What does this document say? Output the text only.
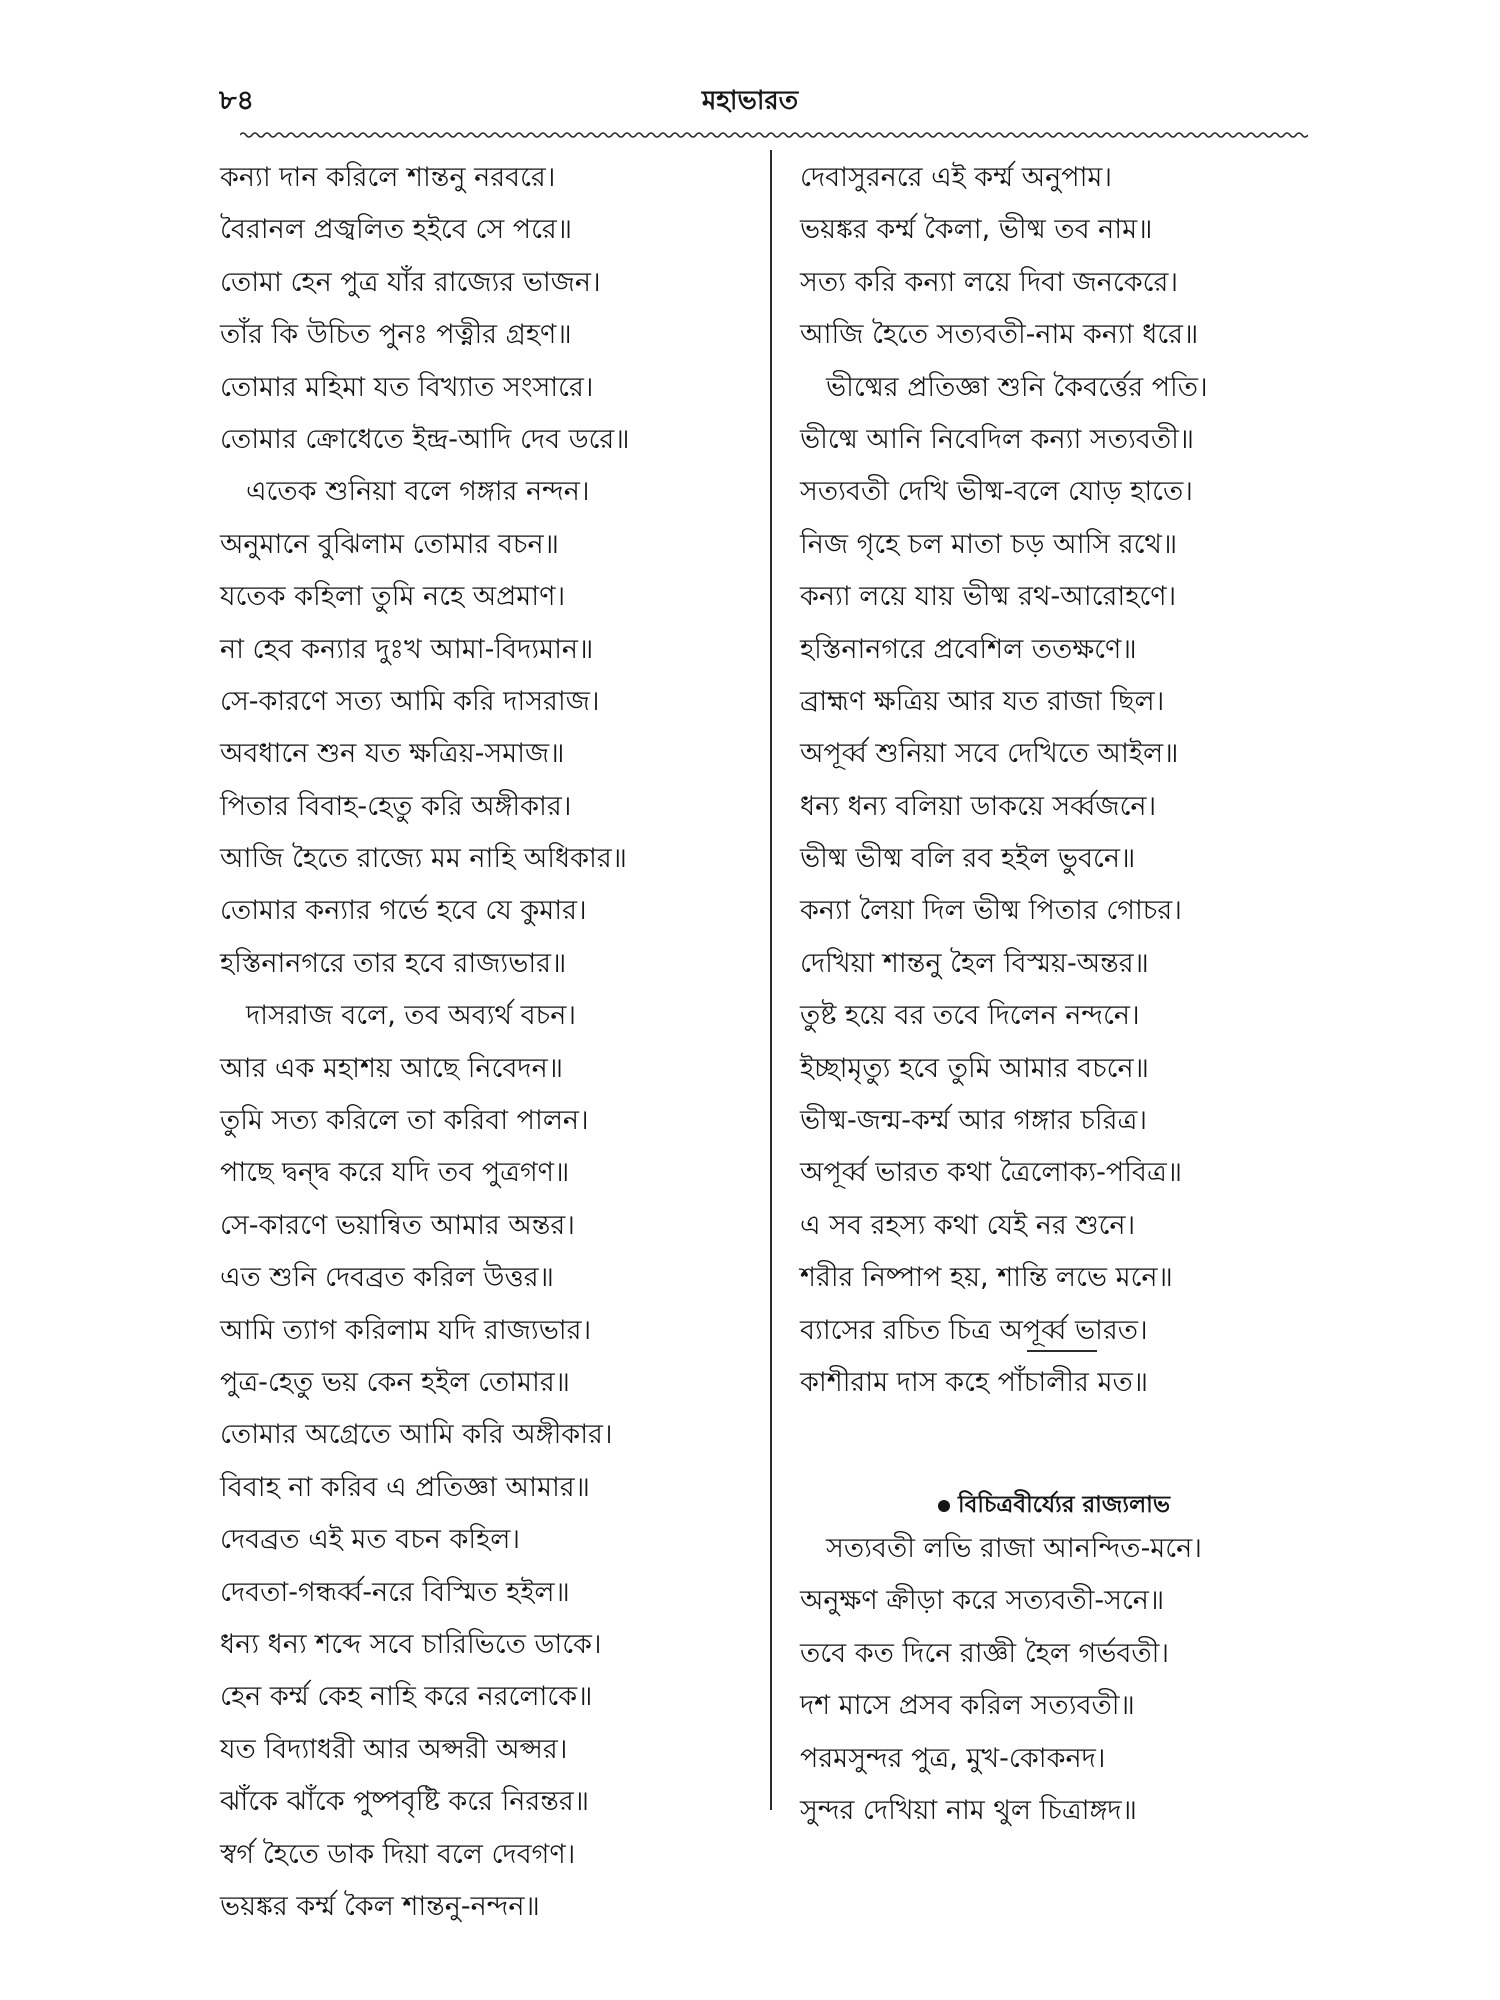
৮৪	মহাভারত
কন্যা দান করিলে শান্তনু নরবরে।
বৈরানল প্রজ্বলিত হইবে সে পরে॥
তোমা হেন পুত্র যাঁর রাজ্যের ভাজন।
তাঁর কি উচিত পুনঃ পত্নীর গ্রহণ॥
তোমার মহিমা যত বিখ্যাত সংসারে।
তোমার ক্রোধেতে ইন্দ্র-আদি দেব ডরে॥
এতেক শুনিয়া বলে গঙ্গার নন্দন।
অনুমানে বুঝিলাম তোমার বচন॥
যতেক কহিলা তুমি নহে অপ্রমাণ।
না হেব কন্যার দুঃখ আমা-বিদ্যমান॥
সে-কারণে সত্য আমি করি দাসরাজ।
অবধানে শুন যত ক্ষত্রিয়-সমাজ॥
পিতার বিবাহ-হেতু করি অঙ্গীকার।
আজি হৈতে রাজ্যে মম নাহি অধিকার॥
তোমার কন্যার গর্ভে হবে যে কুমার।
হস্তিনানগরে তার হবে রাজ্যভার॥
দাসরাজ বলে, তব অব্যর্থ বচন।
আর এক মহাশয় আছে নিবেদন॥
তুমি সত্য করিলে তা করিবা পালন।
পাছে দ্বন্দ্ব করে যদি তব পুত্রগণ॥
সে-কারণে ভয়ান্বিত আমার অন্তর।
এত শুনি দেবব্রত করিল উত্তর॥
আমি ত্যাগ করিলাম যদি রাজ্যভার।
পুত্র-হেতু ভয় কেন হইল তোমার॥
তোমার অগ্রেতে আমি করি অঙ্গীকার।
বিবাহ না করিব এ প্রতিজ্ঞা আমার॥
দেবব্রত এই মত বচন কহিল।
দেবতা-গন্ধর্ব্ব-নরে বিস্মিত হইল॥
ধন্য ধন্য শব্দে সবে চারিভিতে ডাকে।
হেন কর্ম্ম কেহ নাহি করে নরলোকে॥
যত বিদ্যাধরী আর অপ্সরী অপ্সর।
ঝাঁকে ঝাঁকে পুষ্পবৃষ্টি করে নিরন্তর॥
স্বর্গ হৈতে ডাক দিয়া বলে দেবগণ।
ভয়ঙ্কর কর্ম্ম কৈল শান্তনু-নন্দন॥
দেবাসুরনরে এই কর্ম্ম অনুপাম।
ভয়ঙ্কর কর্ম্ম কৈলা, ভীষ্ম তব নাম॥
সত্য করি কন্যা লয়ে দিবা জনকেরে।
আজি হৈতে সত্যবতী-নাম কন্যা ধরে॥
ভীষ্মের প্রতিজ্ঞা শুনি কৈবর্ত্তের পতি।
ভীষ্মে আনি নিবেদিল কন্যা সত্যবতী॥
সত্যবতী দেখি ভীষ্ম-বলে যোড় হাতে।
নিজ গৃহে চল মাতা চড় আসি রথে॥
কন্যা লয়ে যায় ভীষ্ম রথ-আরোহণে।
হস্তিনানগরে প্রবেশিল ততক্ষণে॥
ব্রাহ্মণ ক্ষত্রিয় আর যত রাজা ছিল।
অপূর্ব্ব শুনিয়া সবে দেখিতে আইল॥
ধন্য ধন্য বলিয়া ডাকয়ে সর্ব্বজনে।
ভীষ্ম ভীষ্ম বলি রব হইল ভুবনে॥
কন্যা লৈয়া দিল ভীষ্ম পিতার গোচর।
দেখিয়া শান্তনু হৈল বিস্ময়-অন্তর॥
তুষ্ট হয়ে বর তবে দিলেন নন্দনে।
ইচ্ছামৃত্যু হবে তুমি আমার বচনে॥
ভীষ্ম-জন্ম-কর্ম্ম আর গঙ্গার চরিত্র।
অপূর্ব্ব ভারত কথা ত্রৈলোক্য-পবিত্র॥
এ সব রহস্য কথা যেই নর শুনে।
শরীর নিষ্পাপ হয়, শান্তি লভে মনে॥
ব্যাসের রচিত চিত্র অপূর্ব্ব ভারত।
কাশীরাম দাস কহে পাঁচালীর মত॥
বিচিত্রবীর্য্যের রাজ্যলাভ
সত্যবতী লভি রাজা আনন্দিত-মনে।
অনুক্ষণ ক্রীড়া করে সত্যবতী-সনে॥
তবে কত দিনে রাজ্ঞী হৈল গর্ভবতী।
দশ মাসে প্রসব করিল সত্যবতী॥
পরমসুন্দর পুত্র, মুখ-কোকনদ।
সুন্দর দেখিয়া নাম থুল চিত্রাঙ্গদ॥
